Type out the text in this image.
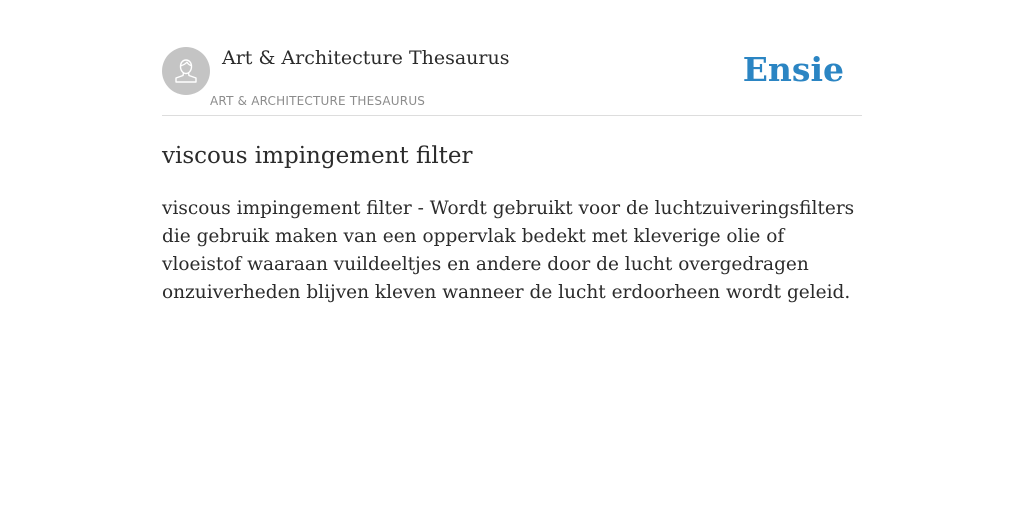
Art & Architecture Thesaurus
ART & ARCHITECTURE THESAURUS
Ensie
viscous impingement filter

viscous impingement filter - Wordt gebruikt voor de luchtzuiveringsfilters die gebruik maken van een oppervlak bedekt met kleverige olie of vloeistof waaraan vuildeeltjes en andere door de lucht overgedragen onzuiverheden blijven kleven wanneer de lucht erdoorheen wordt geleid.
